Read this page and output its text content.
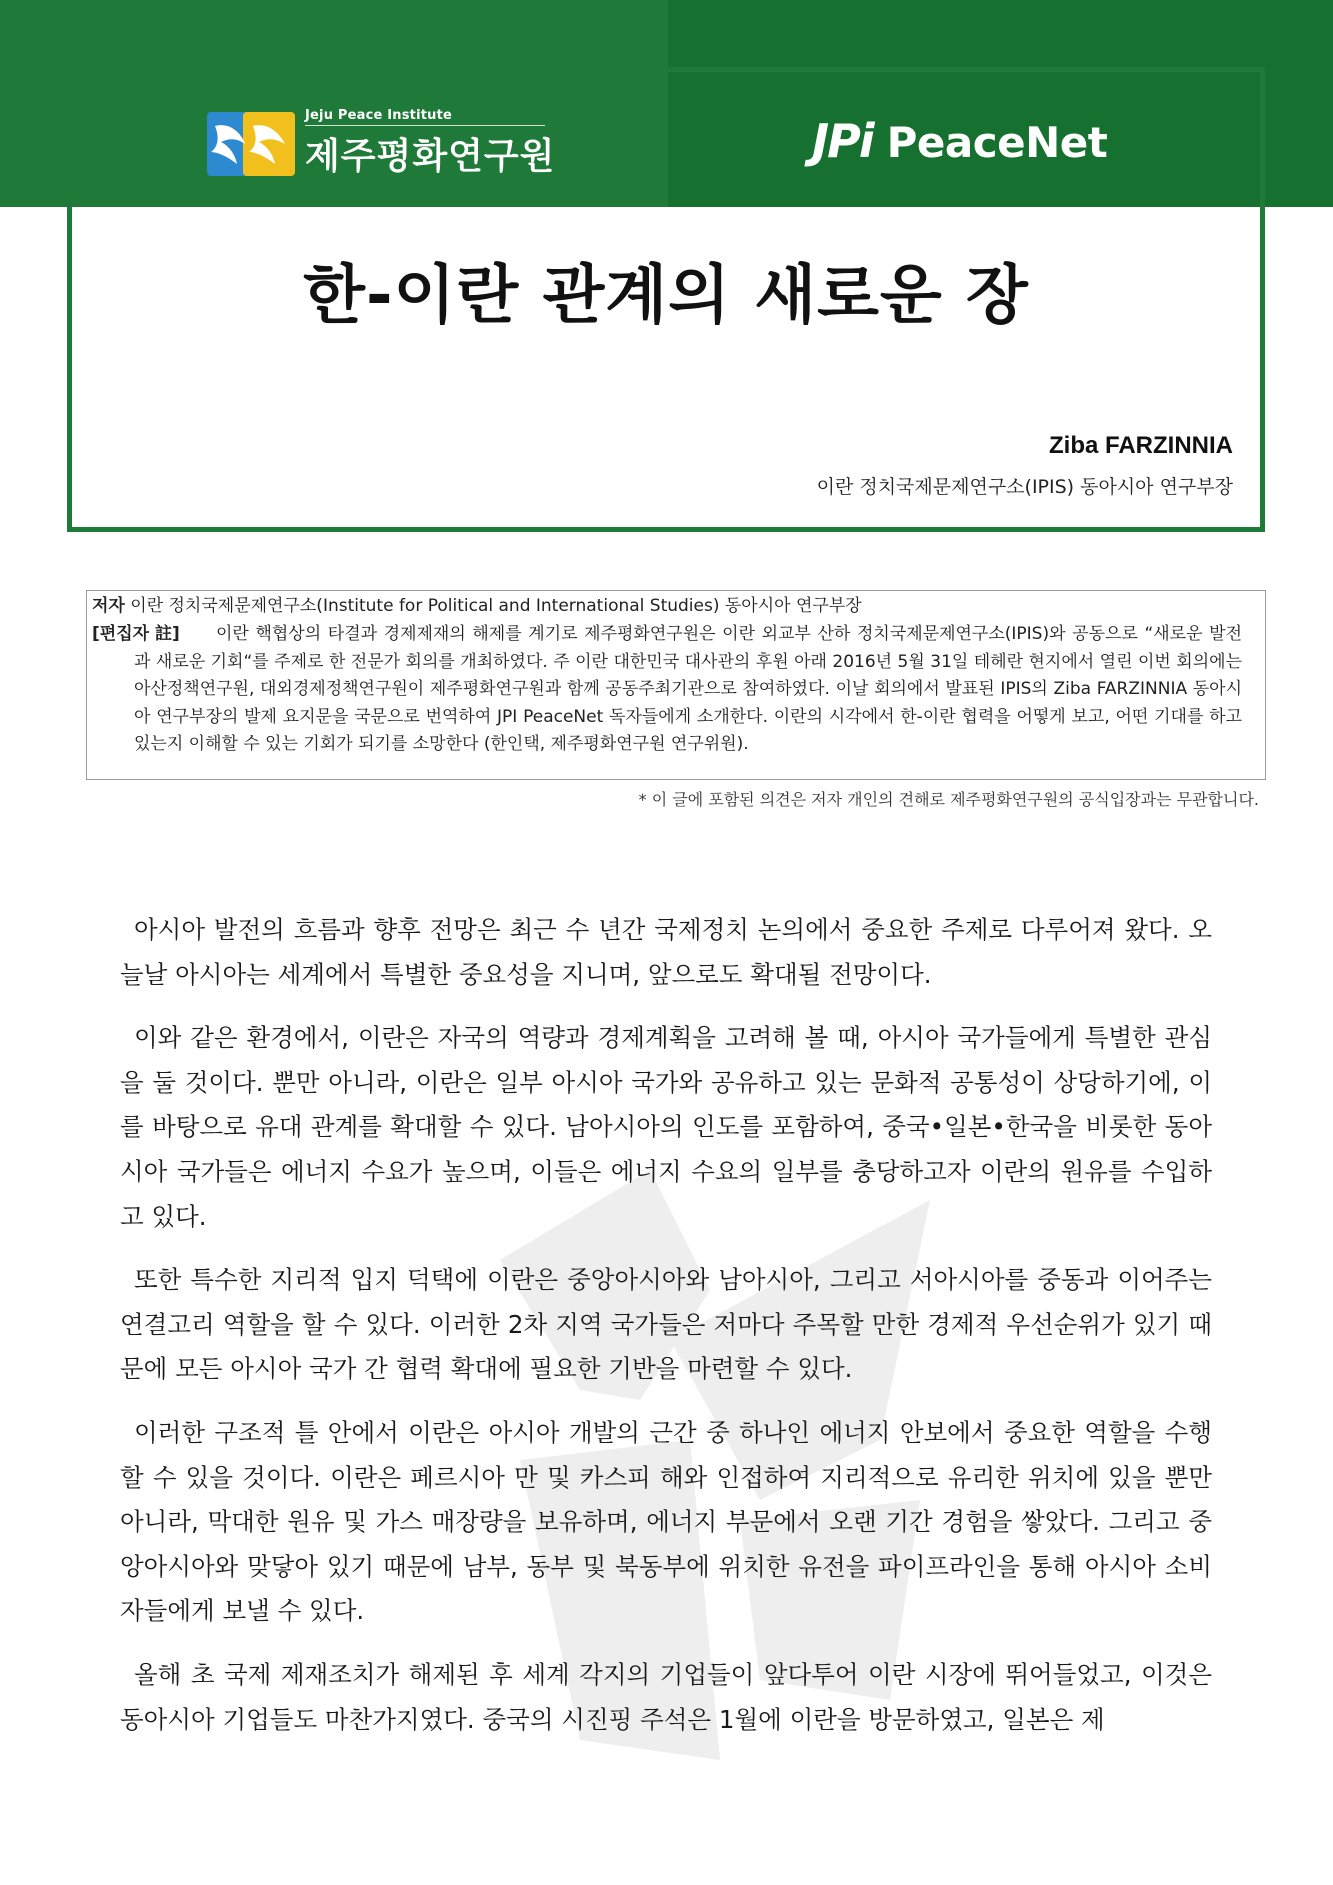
Jeju Peace Institute
제주평화연구원	JPi PeaceNet
한-이란 관계의 새로운 장
Ziba FARZINNIA
이란 정치국제문제연구소(IPIS) 동아시아 연구부장
저자 이란 정치국제문제연구소(Institute for Political and International Studies) 동아시아 연구부장
[편집자 註]	이란 핵협상의 타결과 경제제재의 해제를 계기로 제주평화연구원은 이란 외교부 산하 정치국제문제연구소(IPIS)와 공동으로 “새로운 발전과 새로운 기회“를 주제로 한 전문가 회의를 개최하였다. 주 이란 대한민국 대사관의 후원 아래 2016년 5월 31일 테헤란 현지에서 열린 이번 회의에는 아산정책연구원, 대외경제정책연구원이 제주평화연구원과 함께 공동주최기관으로 참여하였다. 이날 회의에서 발표된 IPIS의 Ziba FARZINNIA 동아시아 연구부장의 발제 요지문을 국문으로 번역하여 JPI PeaceNet 독자들에게 소개한다. 이란의 시각에서 한-이란 협력을 어떻게 보고, 어떤 기대를 하고 있는지 이해할 수 있는 기회가 되기를 소망한다 (한인택, 제주평화연구원 연구위원).
* 이 글에 포함된 의견은 저자 개인의 견해로 제주평화연구원의 공식입장과는 무관합니다.

아시아 발전의 흐름과 향후 전망은 최근 수 년간 국제정치 논의에서 중요한 주제로 다루어져 왔다. 오늘날 아시아는 세계에서 특별한 중요성을 지니며, 앞으로도 확대될 전망이다.

이와 같은 환경에서, 이란은 자국의 역량과 경제계획을 고려해 볼 때, 아시아 국가들에게 특별한 관심을 둘 것이다. 뿐만 아니라, 이란은 일부 아시아 국가와 공유하고 있는 문화적 공통성이 상당하기에, 이를 바탕으로 유대 관계를 확대할 수 있다. 남아시아의 인도를 포함하여, 중국•일본•한국을 비롯한 동아시아 국가들은 에너지 수요가 높으며, 이들은 에너지 수요의 일부를 충당하고자 이란의 원유를 수입하고 있다.

또한 특수한 지리적 입지 덕택에 이란은 중앙아시아와 남아시아, 그리고 서아시아를 중동과 이어주는 연결고리 역할을 할 수 있다. 이러한 2차 지역 국가들은 저마다 주목할 만한 경제적 우선순위가 있기 때문에 모든 아시아 국가 간 협력 확대에 필요한 기반을 마련할 수 있다.

이러한 구조적 틀 안에서 이란은 아시아 개발의 근간 중 하나인 에너지 안보에서 중요한 역할을 수행할 수 있을 것이다. 이란은 페르시아 만 및 카스피 해와 인접하여 지리적으로 유리한 위치에 있을 뿐만 아니라, 막대한 원유 및 가스 매장량을 보유하며, 에너지 부문에서 오랜 기간 경험을 쌓았다. 그리고 중앙아시아와 맞닿아 있기 때문에 남부, 동부 및 북동부에 위치한 유전을 파이프라인을 통해 아시아 소비자들에게 보낼 수 있다.

올해 초 국제 제재조치가 해제된 후 세계 각지의 기업들이 앞다투어 이란 시장에 뛰어들었고, 이것은 동아시아 기업들도 마찬가지였다. 중국의 시진핑 주석은 1월에 이란을 방문하였고, 일본은 제
